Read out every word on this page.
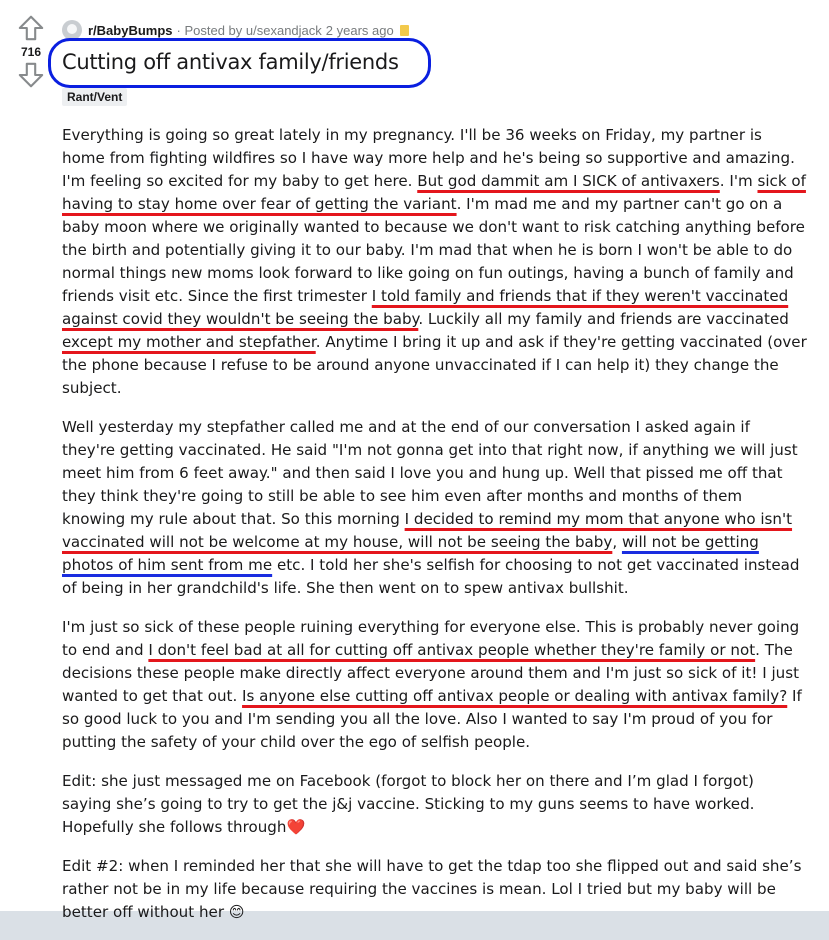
716
r/BabyBumps · Posted by u/sexandjack 2 years ago
Cutting off antivax family/friends
Rant/Vent

Everything is going so great lately in my pregnancy. I'll be 36 weeks on Friday, my partner is home from fighting wildfires so I have way more help and he's being so supportive and amazing. I'm feeling so excited for my baby to get here. But god dammit am I SICK of antivaxers. I'm sick of having to stay home over fear of getting the variant. I'm mad me and my partner can't go on a baby moon where we originally wanted to because we don't want to risk catching anything before the birth and potentially giving it to our baby. I'm mad that when he is born I won't be able to do normal things new moms look forward to like going on fun outings, having a bunch of family and friends visit etc. Since the first trimester I told family and friends that if they weren't vaccinated against covid they wouldn't be seeing the baby. Luckily all my family and friends are vaccinated except my mother and stepfather. Anytime I bring it up and ask if they're getting vaccinated (over the phone because I refuse to be around anyone unvaccinated if I can help it) they change the subject.

Well yesterday my stepfather called me and at the end of our conversation I asked again if they're getting vaccinated. He said "I'm not gonna get into that right now, if anything we will just meet him from 6 feet away." and then said I love you and hung up. Well that pissed me off that they think they're going to still be able to see him even after months and months of them knowing my rule about that. So this morning I decided to remind my mom that anyone who isn't vaccinated will not be welcome at my house, will not be seeing the baby, will not be getting photos of him sent from me etc. I told her she's selfish for choosing to not get vaccinated instead of being in her grandchild's life. She then went on to spew antivax bullshit.

I'm just so sick of these people ruining everything for everyone else. This is probably never going to end and I don't feel bad at all for cutting off antivax people whether they're family or not. The decisions these people make directly affect everyone around them and I'm just so sick of it! I just wanted to get that out. Is anyone else cutting off antivax people or dealing with antivax family? If so good luck to you and I'm sending you all the love. Also I wanted to say I'm proud of you for putting the safety of your child over the ego of selfish people.

Edit: she just messaged me on Facebook (forgot to block her on there and I’m glad I forgot) saying she’s going to try to get the j&j vaccine. Sticking to my guns seems to have worked. Hopefully she follows through❤️

Edit #2: when I reminded her that she will have to get the tdap too she flipped out and said she’s rather not be in my life because requiring the vaccines is mean. Lol I tried but my baby will be better off without her 😊
